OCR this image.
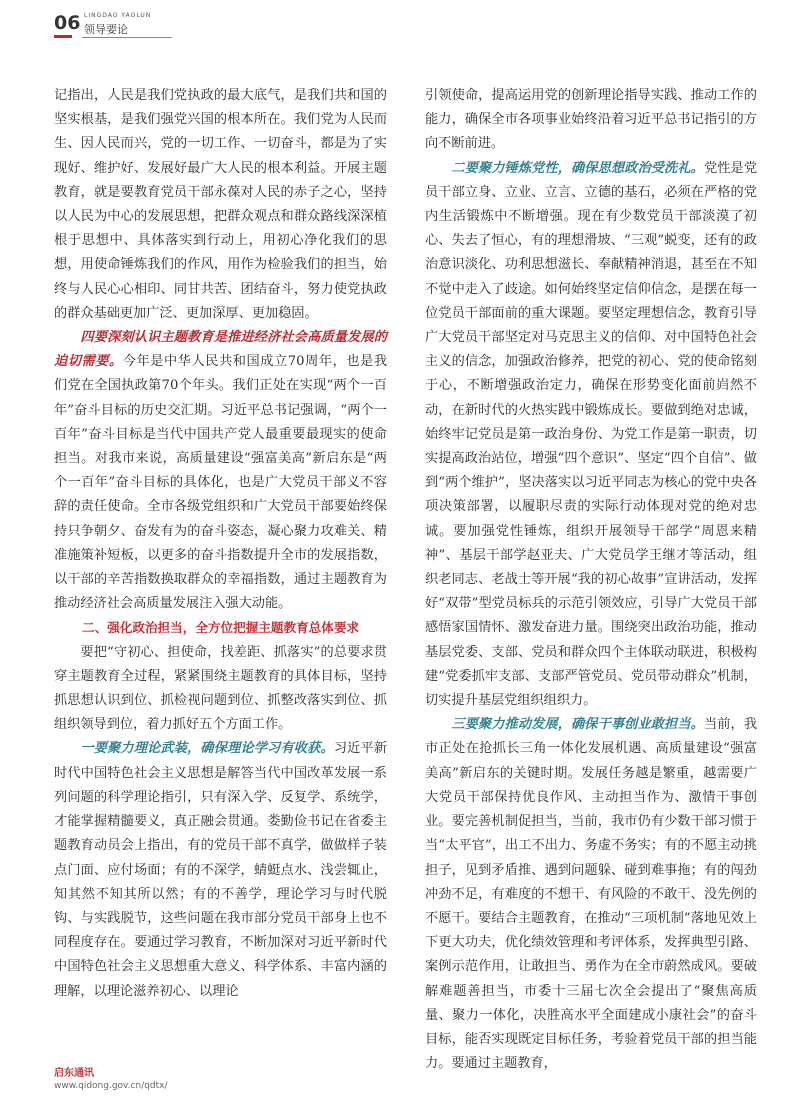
06 LINGDAO YAOLUN
领导要论

记指出，人民是我们党执政的最大底气，是我们共和国的坚实根基，是我们强党兴国的根本所在。我们党为人民而生、因人民而兴，党的一切工作、一切奋斗，都是为了实现好、维护好、发展好最广大人民的根本利益。开展主题教育，就是要教育党员干部永葆对人民的赤子之心，坚持以人民为中心的发展思想，把群众观点和群众路线深深植根于思想中、具体落实到行动上，用初心净化我们的思想，用使命锤炼我们的作风，用作为检验我们的担当，始终与人民心心相印、同甘共苦、团结奋斗，努力使党执政的群众基础更加广泛、更加深厚、更加稳固。

四要深刻认识主题教育是推进经济社会高质量发展的迫切需要。今年是中华人民共和国成立70周年，也是我们党在全国执政第70个年头。我们正处在实现“两个一百年”奋斗目标的历史交汇期。习近平总书记强调，“两个一百年”奋斗目标是当代中国共产党人最重要最现实的使命担当。对我市来说，高质量建设“强富美高”新启东是“两个一百年”奋斗目标的具体化，也是广大党员干部义不容辞的责任使命。全市各级党组织和广大党员干部要始终保持只争朝夕、奋发有为的奋斗姿态，凝心聚力攻难关、精准施策补短板，以更多的奋斗指数提升全市的发展指数，以干部的辛苦指数换取群众的幸福指数，通过主题教育为推动经济社会高质量发展注入强大动能。

二、强化政治担当，全方位把握主题教育总体要求

要把“守初心、担使命，找差距、抓落实”的总要求贯穿主题教育全过程，紧紧围绕主题教育的具体目标，坚持抓思想认识到位、抓检视问题到位、抓整改落实到位、抓组织领导到位，着力抓好五个方面工作。

一要聚力理论武装，确保理论学习有收获。习近平新时代中国特色社会主义思想是解答当代中国改革发展一系列问题的科学理论指引，只有深入学、反复学、系统学，才能掌握精髓要义，真正融会贯通。娄勤俭书记在省委主题教育动员会上指出，有的党员干部不真学，做做样子装点门面、应付场面；有的不深学，蜻蜓点水、浅尝辄止，知其然不知其所以然；有的不善学，理论学习与时代脱钩、与实践脱节，这些问题在我市部分党员干部身上也不同程度存在。要通过学习教育，不断加深对习近平新时代中国特色社会主义思想重大意义、科学体系、丰富内涵的理解，以理论滋养初心、以理论

引领使命，提高运用党的创新理论指导实践、推动工作的能力，确保全市各项事业始终沿着习近平总书记指引的方向不断前进。

二要聚力锤炼党性，确保思想政治受洗礼。党性是党员干部立身、立业、立言、立德的基石，必须在严格的党内生活锻炼中不断增强。现在有少数党员干部淡漠了初心、失去了恒心，有的理想滑坡、“三观”蜕变，还有的政治意识淡化、功利思想滋长、奉献精神消退，甚至在不知不觉中走入了歧途。如何始终坚定信仰信念，是摆在每一位党员干部面前的重大课题。要坚定理想信念，教育引导广大党员干部坚定对马克思主义的信仰、对中国特色社会主义的信念，加强政治修养，把党的初心、党的使命铭刻于心，不断增强政治定力，确保在形势变化面前岿然不动，在新时代的火热实践中锻炼成长。要做到绝对忠诚，始终牢记党员是第一政治身份、为党工作是第一职责，切实提高政治站位，增强“四个意识”、坚定“四个自信”、做到“两个维护”，坚决落实以习近平同志为核心的党中央各项决策部署，以履职尽责的实际行动体现对党的绝对忠诚。要加强党性锤炼，组织开展领导干部学“周恩来精神”、基层干部学赵亚夫、广大党员学王继才等活动，组织老同志、老战士等开展“我的初心故事”宣讲活动，发挥好“双带”型党员标兵的示范引领效应，引导广大党员干部感悟家国情怀、激发奋进力量。围绕突出政治功能，推动基层党委、支部、党员和群众四个主体联动联进，积极构建“党委抓牢支部、支部严管党员、党员带动群众”机制，切实提升基层党组织组织力。

三要聚力推动发展，确保干事创业敢担当。当前，我市正处在抢抓长三角一体化发展机遇、高质量建设“强富美高”新启东的关键时期。发展任务越是繁重，越需要广大党员干部保持优良作风、主动担当作为、激情干事创业。要完善机制促担当，当前，我市仍有少数干部习惯于当“太平官”，出工不出力、务虚不务实；有的不愿主动挑担子，见到矛盾推、遇到问题躲、碰到难事拖；有的闯劲冲劲不足，有难度的不想干、有风险的不敢干、没先例的不愿干。要结合主题教育，在推动“三项机制”落地见效上下更大功夫，优化绩效管理和考评体系，发挥典型引路、案例示范作用，让敢担当、勇作为在全市蔚然成风。要破解难题善担当，市委十三届七次全会提出了“聚焦高质量、聚力一体化，决胜高水平全面建成小康社会”的奋斗目标，能否实现既定目标任务，考验着党员干部的担当能力。要通过主题教育，

启东通讯
www.qidong.gov.cn/qdtx/
